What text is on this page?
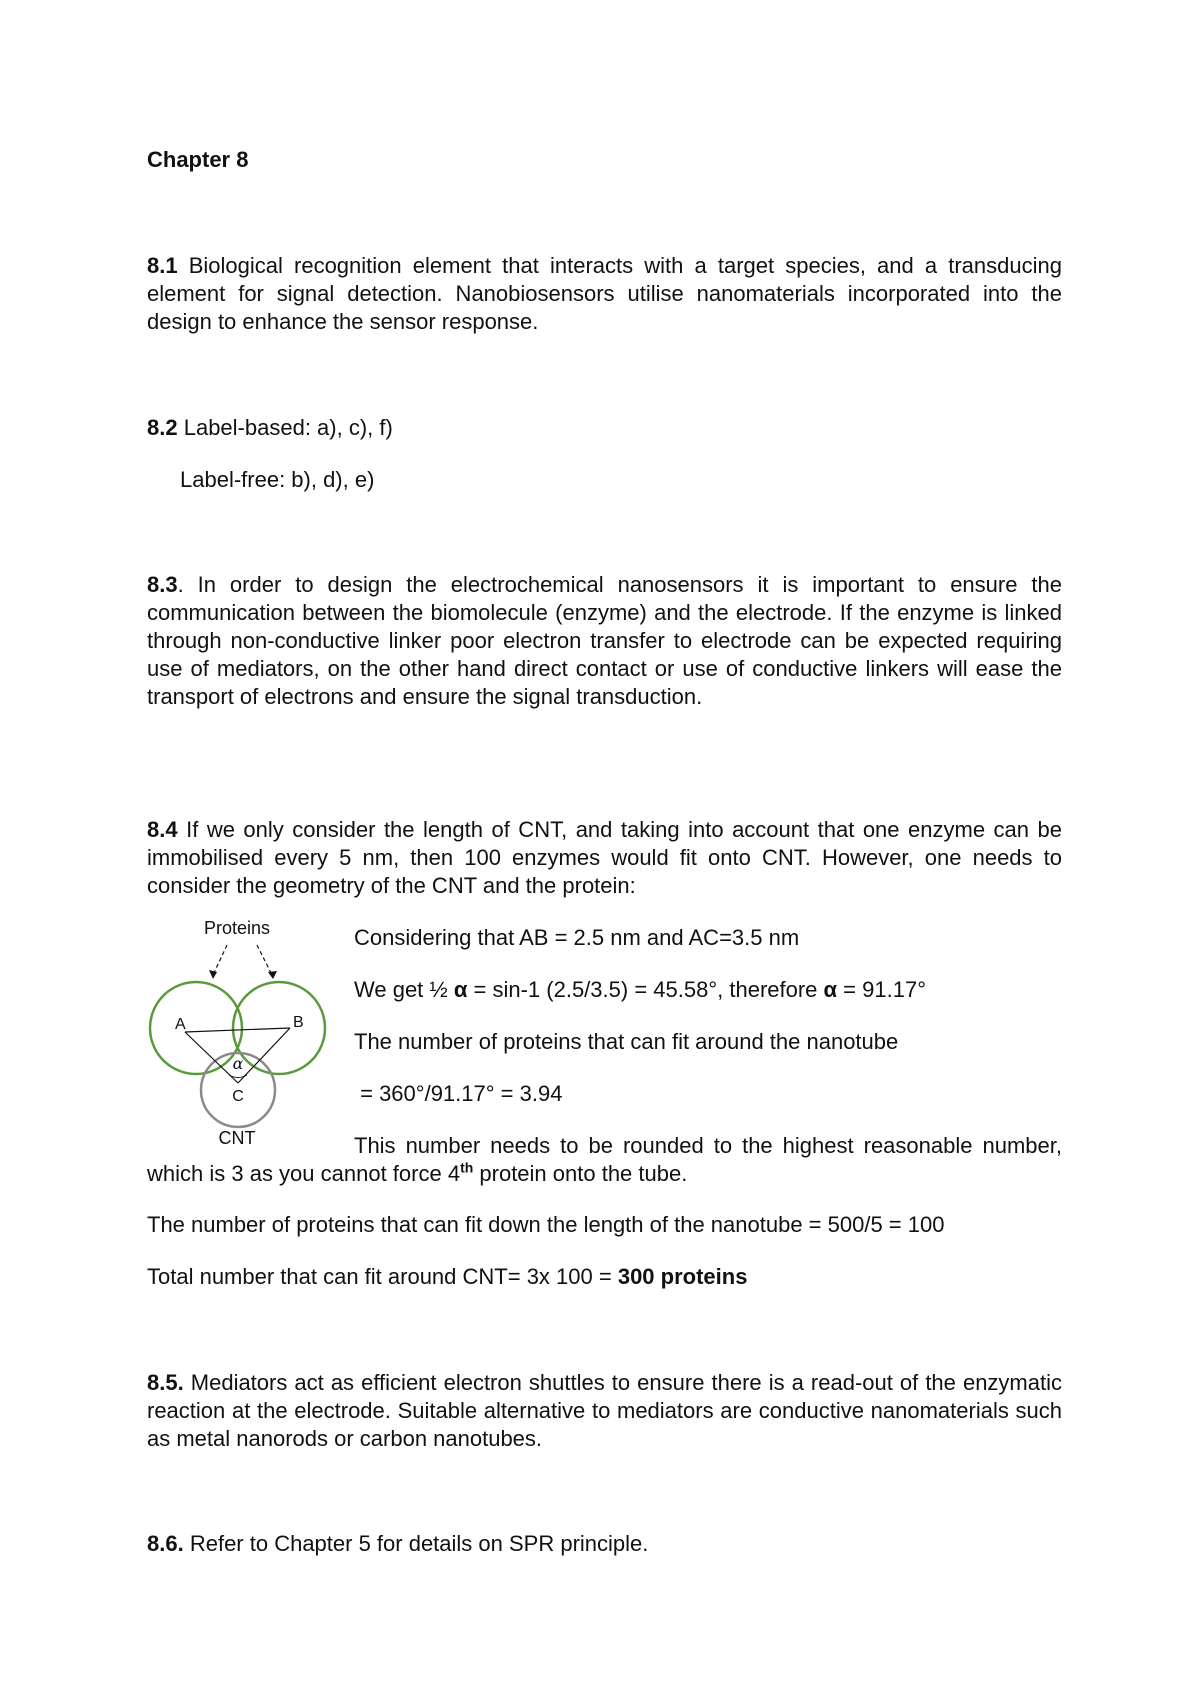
Chapter 8

8.1 Biological recognition element that interacts with a target species, and a transducing element for signal detection. Nanobiosensors utilise nanomaterials incorporated into the design to enhance the sensor response.

8.2 Label-based: a), c), f)

Label-free: b), d), e)

8.3. In order to design the electrochemical nanosensors it is important to ensure the communication between the biomolecule (enzyme) and the electrode. If the enzyme is linked through non-conductive linker poor electron transfer to electrode can be expected requiring use of mediators, on the other hand direct contact or use of conductive linkers will ease the transport of electrons and ensure the signal transduction.

8.4 If we only consider the length of CNT, and taking into account that one enzyme can be immobilised every 5 nm, then 100 enzymes would fit onto CNT. However, one needs to consider the geometry of the CNT and the protein:

Proteins
A	B
α
C
CNT

Considering that AB = 2.5 nm and AC=3.5 nm

We get ½ α = sin-1 (2.5/3.5) = 45.58°, therefore α = 91.17°

The number of proteins that can fit around the nanotube

= 360°/91.17° = 3.94

This number needs to be rounded to the highest reasonable number, which is 3 as you cannot force 4th protein onto the tube.

The number of proteins that can fit down the length of the nanotube = 500/5 = 100

Total number that can fit around CNT= 3x 100 = 300 proteins

8.5. Mediators act as efficient electron shuttles to ensure there is a read-out of the enzymatic reaction at the electrode. Suitable alternative to mediators are conductive nanomaterials such as metal nanorods or carbon nanotubes.

8.6. Refer to Chapter 5 for details on SPR principle.
